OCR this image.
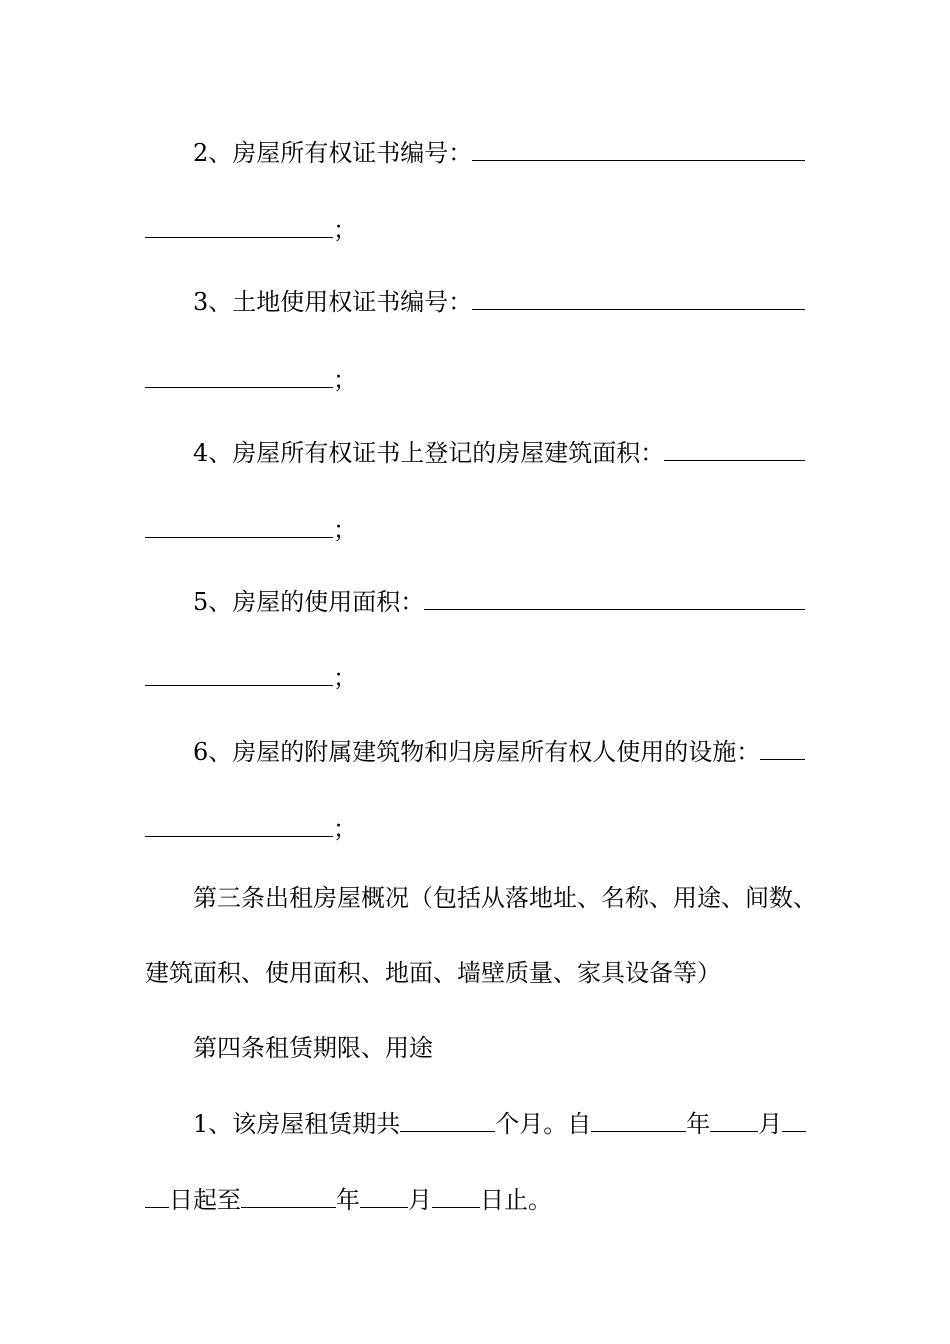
2、房屋所有权证书编号：

；

3、土地使用权证书编号：

；

4、房屋所有权证书上登记的房屋建筑面积：

；

5、房屋的使用面积：

；

6、房屋的附属建筑物和归房屋所有权人使用的设施：

；

第三条出租房屋概况（包括从落地址、名称、用途、间数、

建筑面积、使用面积、地面、墙壁质量、家具设备等）

第四条租赁期限、用途

1、该房屋租赁期共	个月。自	年 月

日起至	年 月 日止。
